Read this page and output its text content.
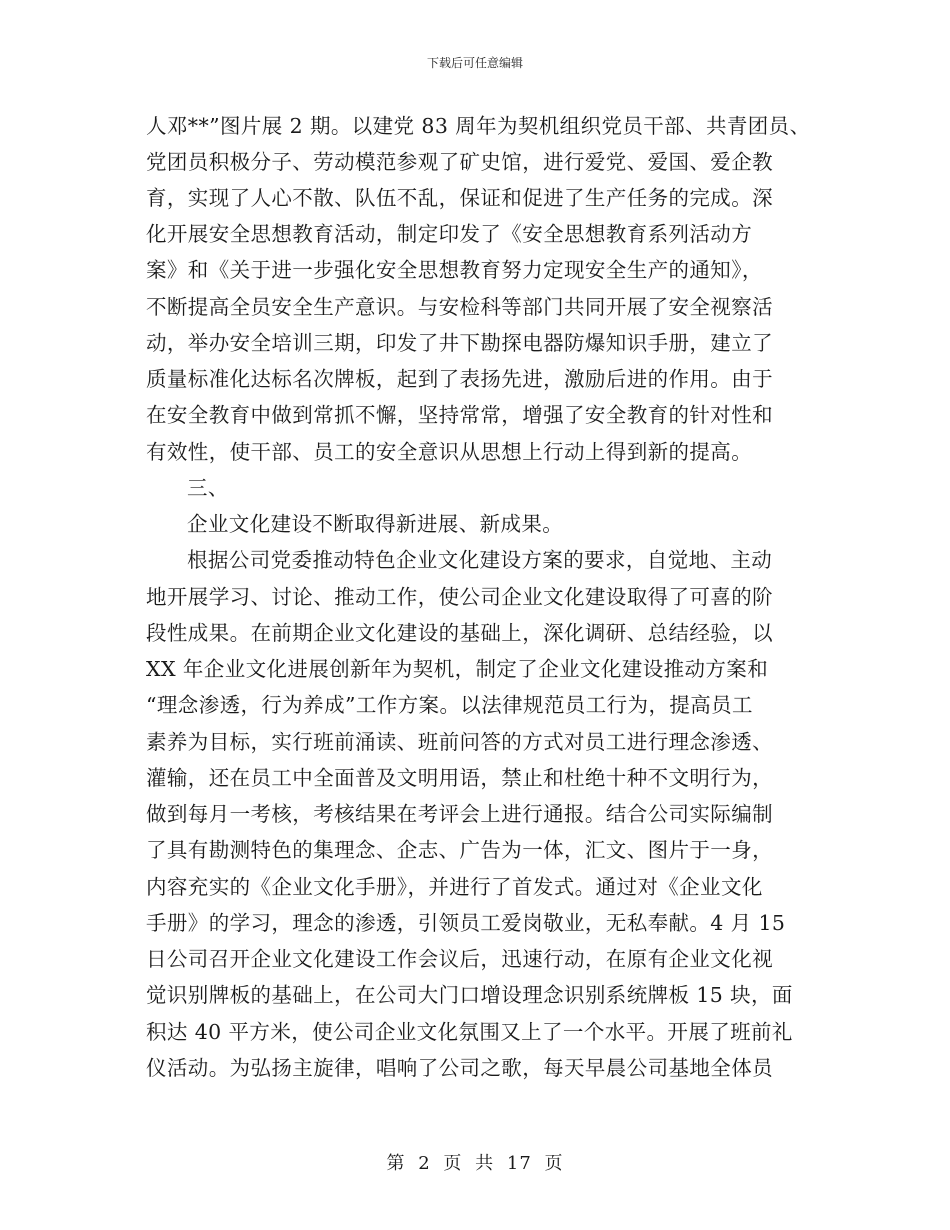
下载后可任意编辑
人邓**”图片展 2 期。以建党 83 周年为契机组织党员干部、共青团员、
党团员积极分子、劳动模范参观了矿史馆，进行爱党、爱国、爱企教
育，实现了人心不散、队伍不乱，保证和促进了生产任务的完成。深
化开展安全思想教育活动，制定印发了《安全思想教育系列活动方
案》和《关于进一步强化安全思想教育努力定现安全生产的通知》，
不断提高全员安全生产意识。与安检科等部门共同开展了安全视察活
动，举办安全培训三期，印发了井下勘探电器防爆知识手册，建立了
质量标准化达标名次牌板，起到了表扬先进，激励后进的作用。由于
在安全教育中做到常抓不懈，坚持常常，增强了安全教育的针对性和
有效性，使干部、员工的安全意识从思想上行动上得到新的提高。
三、
企业文化建设不断取得新进展、新成果。
根据公司党委推动特色企业文化建设方案的要求，自觉地、主动
地开展学习、讨论、推动工作，使公司企业文化建设取得了可喜的阶
段性成果。在前期企业文化建设的基础上，深化调研、总结经验，以
XX 年企业文化进展创新年为契机，制定了企业文化建设推动方案和
“理念渗透，行为养成”工作方案。以法律规范员工行为，提高员工
素养为目标，实行班前涌读、班前问答的方式对员工进行理念渗透、
灌输，还在员工中全面普及文明用语，禁止和杜绝十种不文明行为，
做到每月一考核，考核结果在考评会上进行通报。结合公司实际编制
了具有勘测特色的集理念、企志、广告为一体，汇文、图片于一身，
内容充实的《企业文化手册》，并进行了首发式。通过对《企业文化
手册》的学习，理念的渗透，引领员工爱岗敬业，无私奉献。4 月 15
日公司召开企业文化建设工作会议后，迅速行动，在原有企业文化视
觉识别牌板的基础上，在公司大门口增设理念识别系统牌板 15 块，面
积达 40 平方米，使公司企业文化氛围又上了一个水平。开展了班前礼
仪活动。为弘扬主旋律，唱响了公司之歌，每天早晨公司基地全体员
第 2 页 共 17 页
